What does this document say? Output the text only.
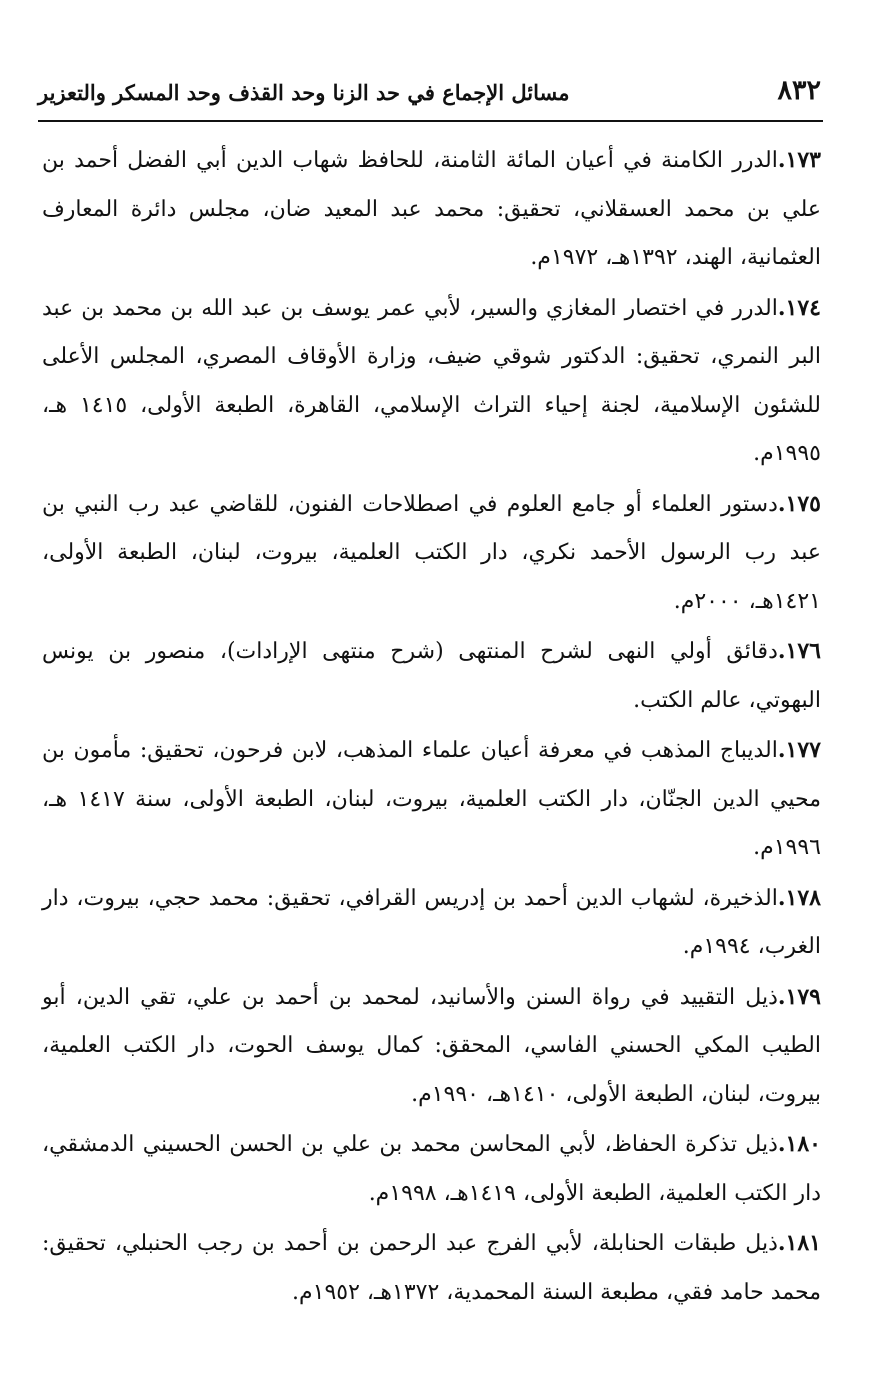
٨٣٢
مسائل الإجماع في حد الزنا وحد القذف وحد المسكر والتعزير

١٧٣.الدرر الكامنة في أعيان المائة الثامنة، للحافظ شهاب الدين أبي الفضل أحمد بن علي بن محمد العسقلاني، تحقيق: محمد عبد المعيد ضان، مجلس دائرة المعارف العثمانية، الهند، ١٣٩٢هـ، ١٩٧٢م.

١٧٤.الدرر في اختصار المغازي والسير، لأبي عمر يوسف بن عبد الله بن محمد بن عبد البر النمري، تحقيق: الدكتور شوقي ضيف، وزارة الأوقاف المصري، المجلس الأعلى للشئون الإسلامية، لجنة إحياء التراث الإسلامي، القاهرة، الطبعة الأولى، ١٤١٥ هـ، ١٩٩٥م.

١٧٥.دستور العلماء أو جامع العلوم في اصطلاحات الفنون، للقاضي عبد رب النبي بن عبد رب الرسول الأحمد نكري، دار الكتب العلمية، بيروت، لبنان، الطبعة الأولى، ١٤٢١هـ، ٢٠٠٠م.

١٧٦.دقائق أولي النهى لشرح المنتهى (شرح منتهى الإرادات)، منصور بن يونس البهوتي، عالم الكتب.

١٧٧.الديباج المذهب في معرفة أعيان علماء المذهب، لابن فرحون، تحقيق: مأمون بن محيي الدين الجنّان، دار الكتب العلمية، بيروت، لبنان، الطبعة الأولى، سنة ١٤١٧ هـ، ١٩٩٦م.

١٧٨.الذخيرة، لشهاب الدين أحمد بن إدريس القرافي، تحقيق: محمد حجي، بيروت، دار الغرب، ١٩٩٤م.

١٧٩.ذيل التقييد في رواة السنن والأسانيد، لمحمد بن أحمد بن علي، تقي الدين، أبو الطيب المكي الحسني الفاسي، المحقق: كمال يوسف الحوت، دار الكتب العلمية، بيروت، لبنان، الطبعة الأولى، ١٤١٠هـ، ١٩٩٠م.

١٨٠.ذيل تذكرة الحفاظ، لأبي المحاسن محمد بن علي بن الحسن الحسيني الدمشقي، دار الكتب العلمية، الطبعة الأولى، ١٤١٩هـ، ١٩٩٨م.

١٨١.ذيل طبقات الحنابلة، لأبي الفرج عبد الرحمن بن أحمد بن رجب الحنبلي، تحقيق: محمد حامد فقي، مطبعة السنة المحمدية، ١٣٧٢هـ، ١٩٥٢م.
